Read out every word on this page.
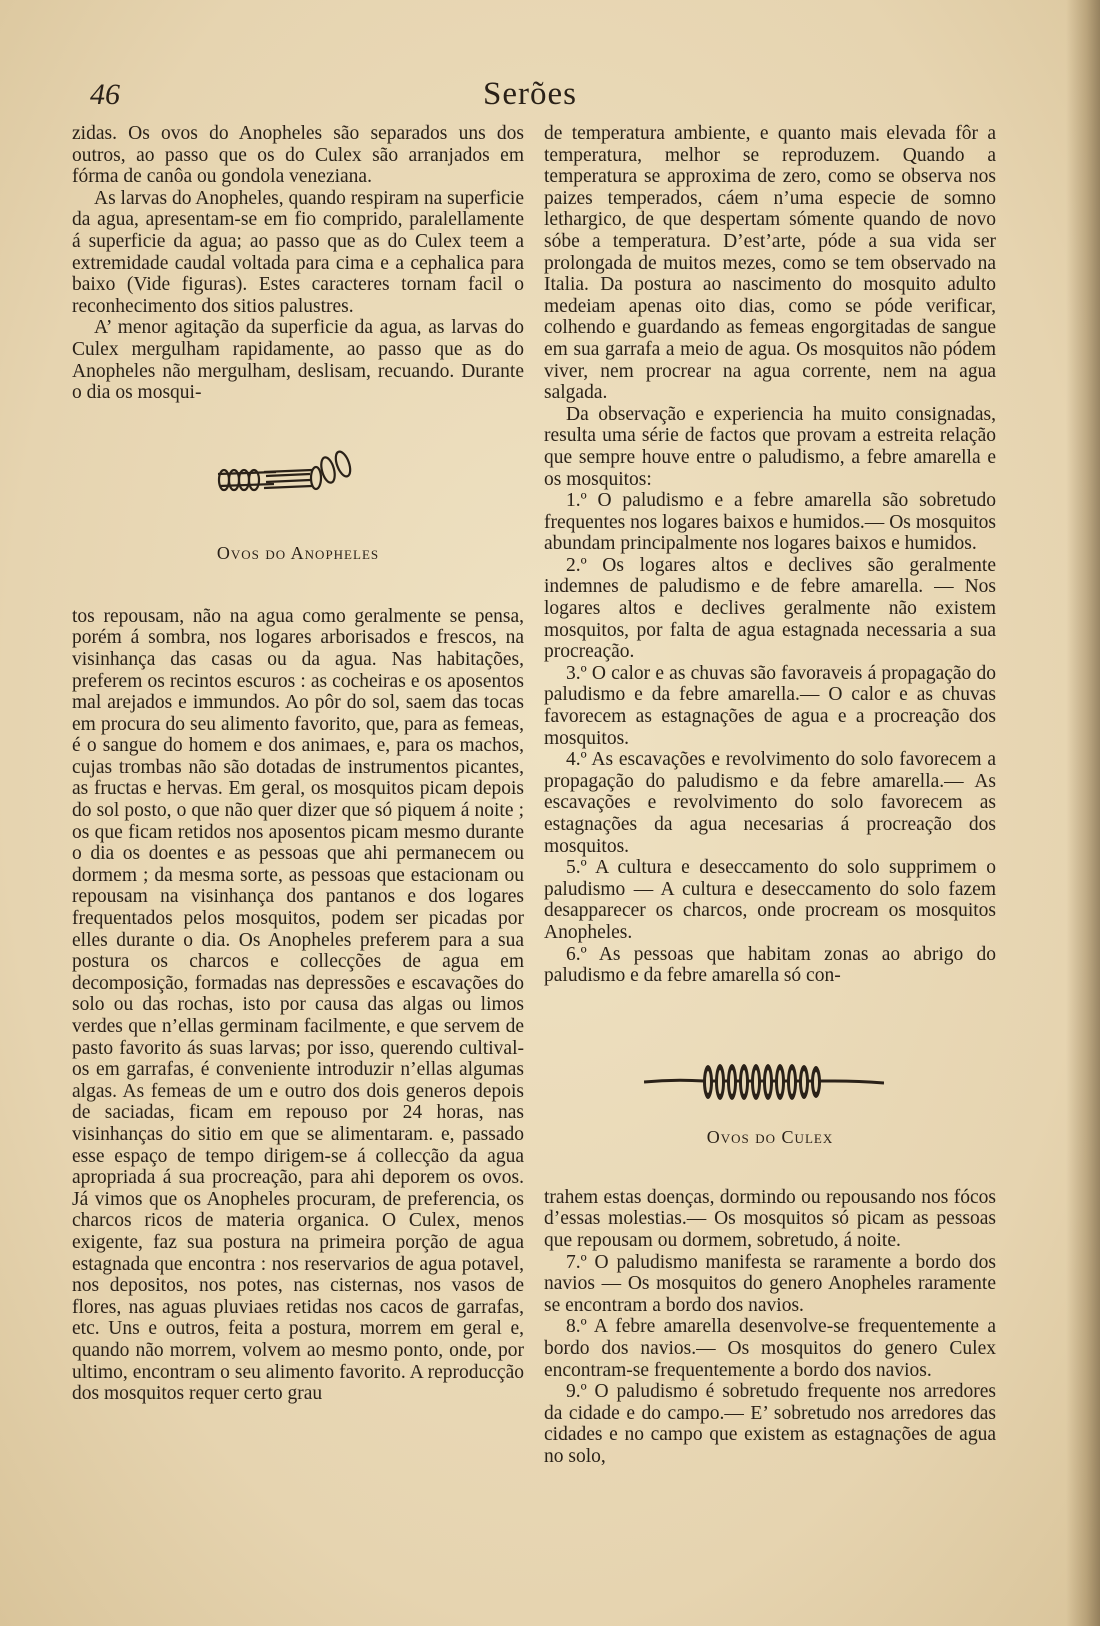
46	Serões

zidas. Os ovos do Anopheles são separados uns dos outros, ao passo que os do Culex são arranjados em fórma de canôa ou gondola veneziana.

As larvas do Anopheles, quando respiram na superficie da agua, apresentam-se em fio comprido, paralellamente á superficie da agua; ao passo que as do Culex teem a extremidade caudal voltada para cima e a cephalica para baixo (Vide figuras). Estes caracteres tornam facil o reconhecimento dos sitios palustres.

A’ menor agitação da superficie da agua, as larvas do Culex mergulham rapidamente, ao passo que as do Anopheles não mergulham, deslisam, recuando. Durante o dia os mosqui-

Ovos do Anopheles

tos repousam, não na agua como geralmente se pensa, porém á sombra, nos logares arborisados e frescos, na visinhança das casas ou da agua. Nas habitações, preferem os recintos escuros : as cocheiras e os aposentos mal arejados e immundos. Ao pôr do sol, saem das tocas em procura do seu alimento favorito, que, para as femeas, é o sangue do homem e dos animaes, e, para os machos, cujas trombas não são dotadas de instrumentos picantes, as fructas e hervas. Em geral, os mosquitos picam depois do sol posto, o que não quer dizer que só piquem á noite ; os que ficam retidos nos aposentos picam mesmo durante o dia os doentes e as pessoas que ahi permanecem ou dormem ; da mesma sorte, as pessoas que estacionam ou repousam na visinhança dos pantanos e dos logares frequentados pelos mosquitos, podem ser picadas por elles durante o dia. Os Anopheles preferem para a sua postura os charcos e collecções de agua em decomposição, formadas nas depressões e escavações do solo ou das rochas, isto por causa das algas ou limos verdes que n’ellas germinam facilmente, e que servem de pasto favorito ás suas larvas; por isso, querendo cultival-os em garrafas, é conveniente introduzir n’ellas algumas algas. As femeas de um e outro dos dois generos depois de saciadas, ficam em repouso por 24 horas, nas visinhanças do sitio em que se alimentaram. e, passado esse espaço de tempo dirigem-se á collecção da agua apropriada á sua procreação, para ahi deporem os ovos. Já vimos que os Anopheles procuram, de preferencia, os charcos ricos de materia organica. O Culex, menos exigente, faz sua postura na primeira porção de agua estagnada que encontra : nos reservarios de agua potavel, nos depositos, nos potes, nas cisternas, nos vasos de flores, nas aguas pluviaes retidas nos cacos de garrafas, etc. Uns e outros, feita a postura, morrem em geral e, quando não morrem, volvem ao mesmo ponto, onde, por ultimo, encontram o seu alimento favorito. A reproducção dos mosquitos requer certo grau

de temperatura ambiente, e quanto mais elevada fôr a temperatura, melhor se reproduzem. Quando a temperatura se approxima de zero, como se observa nos paizes temperados, cáem n’uma especie de somno lethargico, de que despertam sómente quando de novo sóbe a temperatura. D’est’arte, póde a sua vida ser prolongada de muitos mezes, como se tem observado na Italia. Da postura ao nascimento do mosquito adulto medeiam apenas oito dias, como se póde verificar, colhendo e guardando as femeas engorgitadas de sangue em sua garrafa a meio de agua. Os mosquitos não pódem viver, nem procrear na agua corrente, nem na agua salgada.

Da observação e experiencia ha muito consignadas, resulta uma série de factos que provam a estreita relação que sempre houve entre o paludismo, a febre amarella e os mosquitos:

1.º O paludismo e a febre amarella são sobretudo frequentes nos logares baixos e humidos.— Os mosquitos abundam principalmente nos logares baixos e humidos.

2.º Os logares altos e declives são geralmente indemnes de paludismo e de febre amarella. — Nos logares altos e declives geralmente não existem mosquitos, por falta de agua estagnada necessaria a sua procreação.

3.º O calor e as chuvas são favoraveis á propagação do paludismo e da febre amarella.— O calor e as chuvas favorecem as estagnações de agua e a procreação dos mosquitos.

4.º As escavações e revolvimento do solo favorecem a propagação do paludismo e da febre amarella.— As escavações e revolvimento do solo favorecem as estagnações da agua necesarias á procreação dos mosquitos.

5.º A cultura e deseccamento do solo supprimem o paludismo — A cultura e deseccamento do solo fazem desapparecer os charcos, onde procream os mosquitos Anopheles.

6.º As pessoas que habitam zonas ao abrigo do paludismo e da febre amarella só con-

Ovos do Culex

trahem estas doenças, dormindo ou repousando nos fócos d’essas molestias.— Os mosquitos só picam as pessoas que repousam ou dormem, sobretudo, á noite.

7.º O paludismo manifesta se raramente a bordo dos navios — Os mosquitos do genero Anopheles raramente se encontram a bordo dos navios.

8.º A febre amarella desenvolve-se frequentemente a bordo dos navios.— Os mosquitos do genero Culex encontram-se frequentemente a bordo dos navios.

9.º O paludismo é sobretudo frequente nos arredores da cidade e do campo.— E’ sobretudo nos arredores das cidades e no campo que existem as estagnações de agua no solo,
